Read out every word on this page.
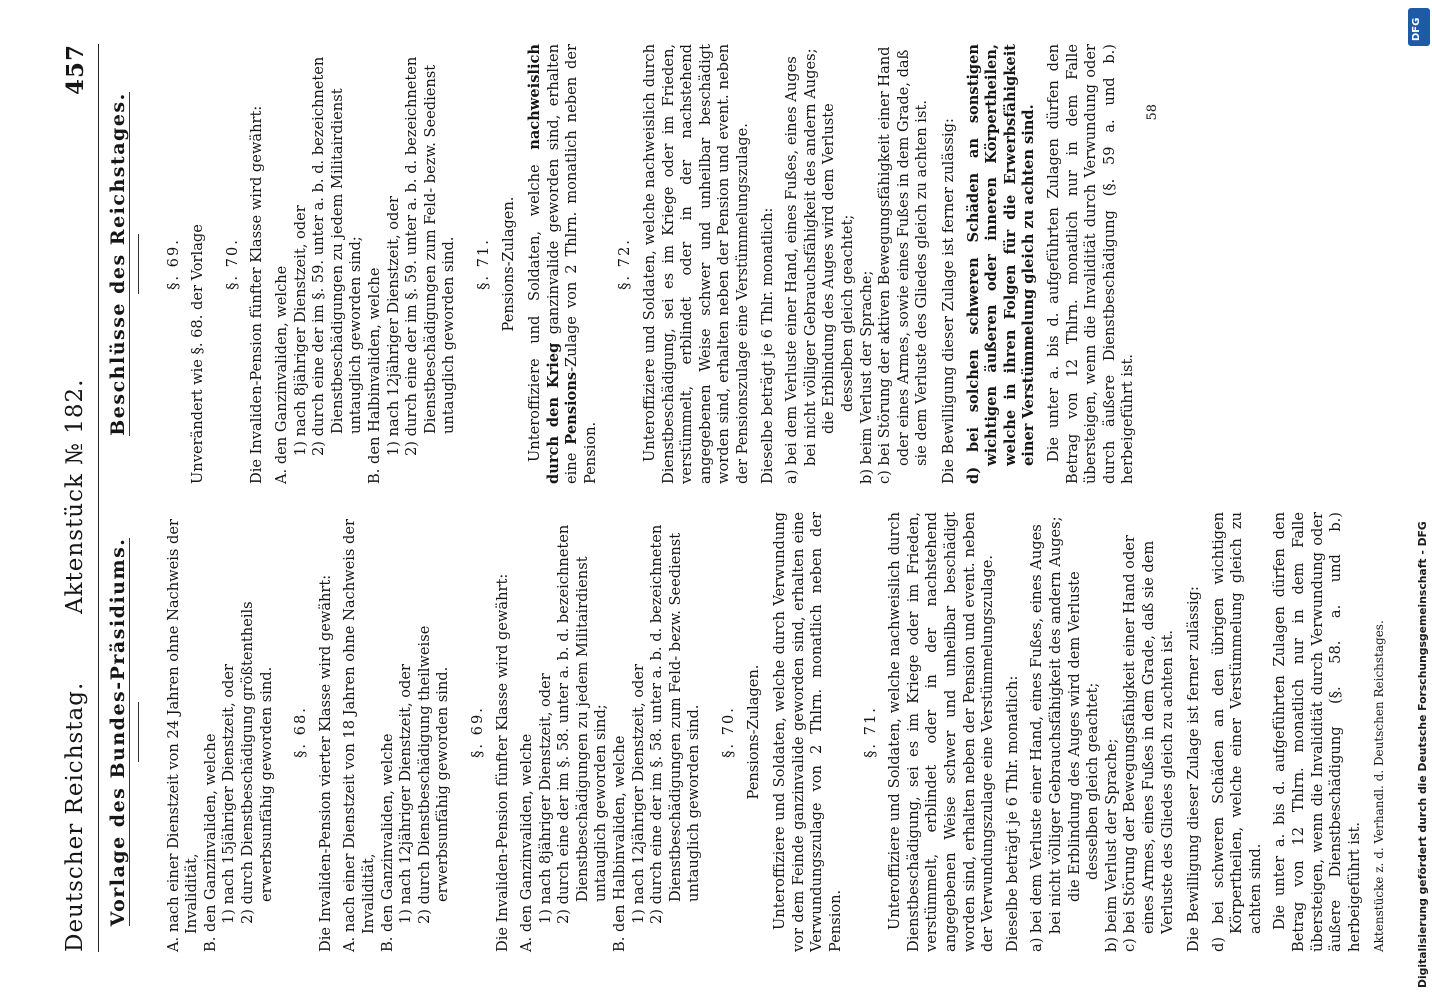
Deutscher Reichstag.
Aktenstück № 182.
457
Vorlage des Bundes-Präsidiums. A. nach einer Dienstzeit von 24 Jahren ohne Nachweis der Invalidität, B. den Ganzinvaliden, welche 1) nach 15jähriger Dienstzeit, oder 2) durch Dienstbeschädigung größtentheils erwerbsunfähig geworden sind. §. 68. Die Invaliden-Pension vierter Klasse wird gewährt: A. nach einer Dienstzeit von 18 Jahren ohne Nachweis der Invalidität, B. den Ganzinvaliden, welche 1) nach 12jähriger Dienstzeit, oder 2) durch Dienstbeschädigung theilweise erwerbsunfähig geworden sind. §. 69. Die Invaliden-Pension fünfter Klasse wird gewährt: A. den Ganzinvaliden, welche 1) nach 8jähriger Dienstzeit, oder 2) durch eine der im §. 58. unter a. b. d. bezeichneten Dienstbeschädigungen zu jedem Militairdienst untauglich geworden sind; B. den Halbinvaliden, welche 1) nach 12jähriger Dienstzeit, oder 2) durch eine der im §. 58. unter a. b. d. bezeichneten Dienstbeschädigungen zum Feld- bezw. Seedienst untauglich geworden sind. §. 70. Pensions-Zulagen. Unteroffiziere und Soldaten, welche durch Verwundung vor dem Feinde ganzinvalide geworden sind, erhalten eine Verwundungszulage von 2 Thlrn. monatlich neben der Pension.

§. 71. Unteroffiziere und Soldaten, welche nachweislich durch Dienstbeschädigung, sei es im Kriege oder im Frieden, verstümmelt, erblindet oder in der nachstehend angegebenen Weise schwer und unheilbar beschädigt worden sind, erhalten neben der Pension und event. neben der Verwundungszulage eine Verstümmelungszulage. Dieselbe beträgt je 6 Thlr. monatlich: a) bei dem Verluste einer Hand, eines Fußes, eines Auges bei nicht völliger Gebrauchsfähigkeit des andern Auges; die Erblindung des Auges wird dem Verluste desselben gleich geachtet; b) beim Verlust der Sprache; c) bei Störung der Bewegungsfähigkeit einer Hand oder eines Armes, eines Fußes in dem Grade, daß sie dem Verluste des Gliedes gleich zu achten ist. Die Bewilligung dieser Zulage ist ferner zulässig: d) bei schweren Schäden an den übrigen wichtigen Körpertheilen, welche einer Verstümmelung gleich zu achten sind. Die unter a. bis d. aufgeführten Zulagen dürfen den Betrag von 12 Thlrn. monatlich nur in dem Falle übersteigen, wenn die Invalidität durch Verwundung oder äußere Dienstbeschädigung (§. 58. a. und b.) herbeigeführt ist. Aktenstücke z. d. Verhandl. d. Deutschen Reichstages.
Beschlüsse des Reichstages. §. 69. Unverändert wie §. 68. der Vorlage §. 70. Die Invaliden-Pension fünfter Klasse wird gewährt: A. den Ganzinvaliden, welche 1) nach 8jähriger Dienstzeit, oder 2) durch eine der im §. 59. unter a. b. d. bezeichneten Dienstbeschädigungen zu jedem Militairdienst untauglich geworden sind; B. den Halbinvaliden, welche 1) nach 12jähriger Dienstzeit, oder 2) durch eine der im §. 59. unter a. b. d. bezeichneten Dienstbeschädigungen zum Feld- bezw. Seedienst untauglich geworden sind. §. 71. Pensions-Zulagen. Unteroffiziere und Soldaten, welche nachweislich durch den Krieg ganzinvalide geworden sind, erhalten eine Pensions-Zulage von 2 Thlrn. monatlich neben der Pension.

§. 72. Unteroffiziere und Soldaten, welche nachweislich durch Dienstbeschädigung, sei es im Kriege oder im Frieden, verstümmelt, erblindet oder in der nachstehend angegebenen Weise schwer und unheilbar beschädigt worden sind, erhalten neben der Pension und event. neben der Pensionszulage eine Verstümmelungszulage. Dieselbe beträgt je 6 Thlr. monatlich: a) bei dem Verluste einer Hand, eines Fußes, eines Auges bei nicht völliger Gebrauchsfähigkeit des andern Auges; die Erblindung des Auges wird dem Verluste desselben gleich geachtet; b) beim Verlust der Sprache; c) bei Störung der aktiven Bewegungsfähigkeit einer Hand oder eines Armes, sowie eines Fußes in dem Grade, daß sie dem Verluste des Gliedes gleich zu achten ist. Die Bewilligung dieser Zulage ist ferner zulässig: d) bei solchen schweren Schäden an sonstigen wichtigen äußeren oder inneren Körpertheilen, welche in ihren Folgen für die Erwerbsfähigkeit einer Verstümmelung gleich zu achten sind. Die unter a. bis d. aufgeführten Zulagen dürfen den Betrag von 12 Thlrn. monatlich nur in dem Falle übersteigen, wenn die Invalidität durch Verwundung oder durch äußere Dienstbeschädigung (§. 59 a. und b.) herbeigeführt ist.

58
Digitalisierung gefördert durch die Deutsche Forschungsgemeinschaft - DFG
DFG
